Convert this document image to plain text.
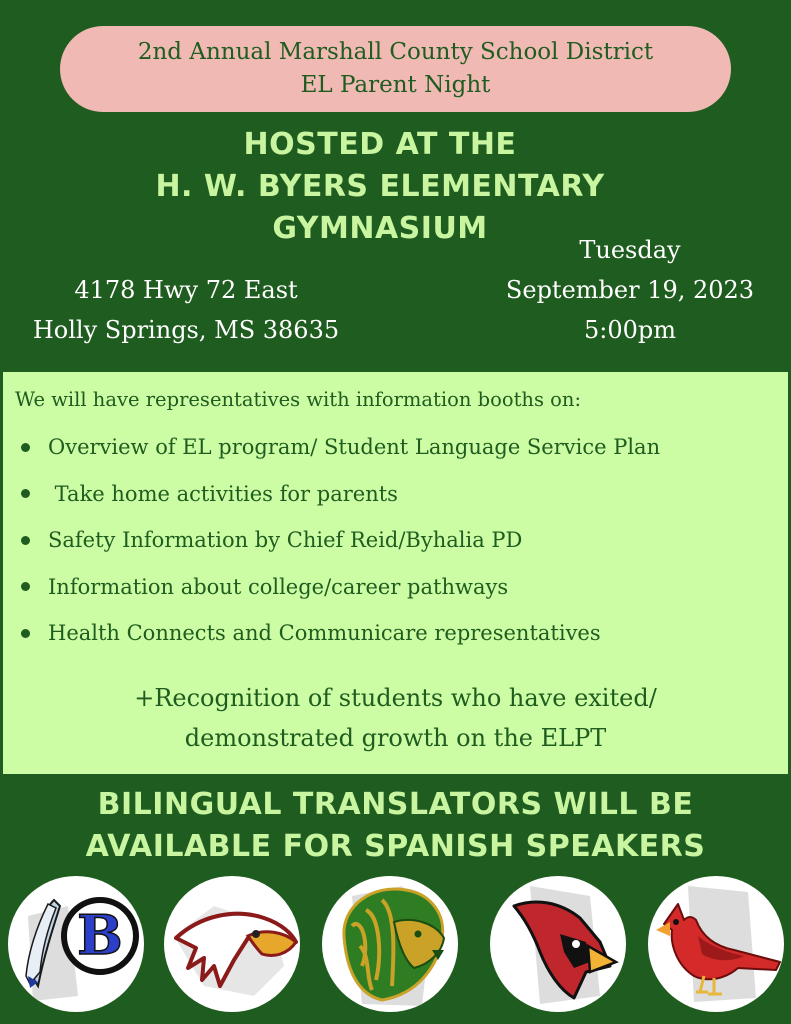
2nd Annual Marshall County School District
EL Parent Night
HOSTED AT THE
H. W. BYERS ELEMENTARY
GYMNASIUM
4178 Hwy 72 East
Holly Springs, MS 38635
Tuesday
September 19, 2023
5:00pm
We will have representatives with information booths on:
Overview of EL program/ Student Language Service Plan
Take home activities for parents
Safety Information by Chief Reid/Byhalia PD
Information about college/career pathways
Health Connects and Communicare representatives
+Recognition of students who have exited/
demonstrated growth on the ELPT
BILINGUAL TRANSLATORS WILL BE
AVAILABLE FOR SPANISH SPEAKERS
B
